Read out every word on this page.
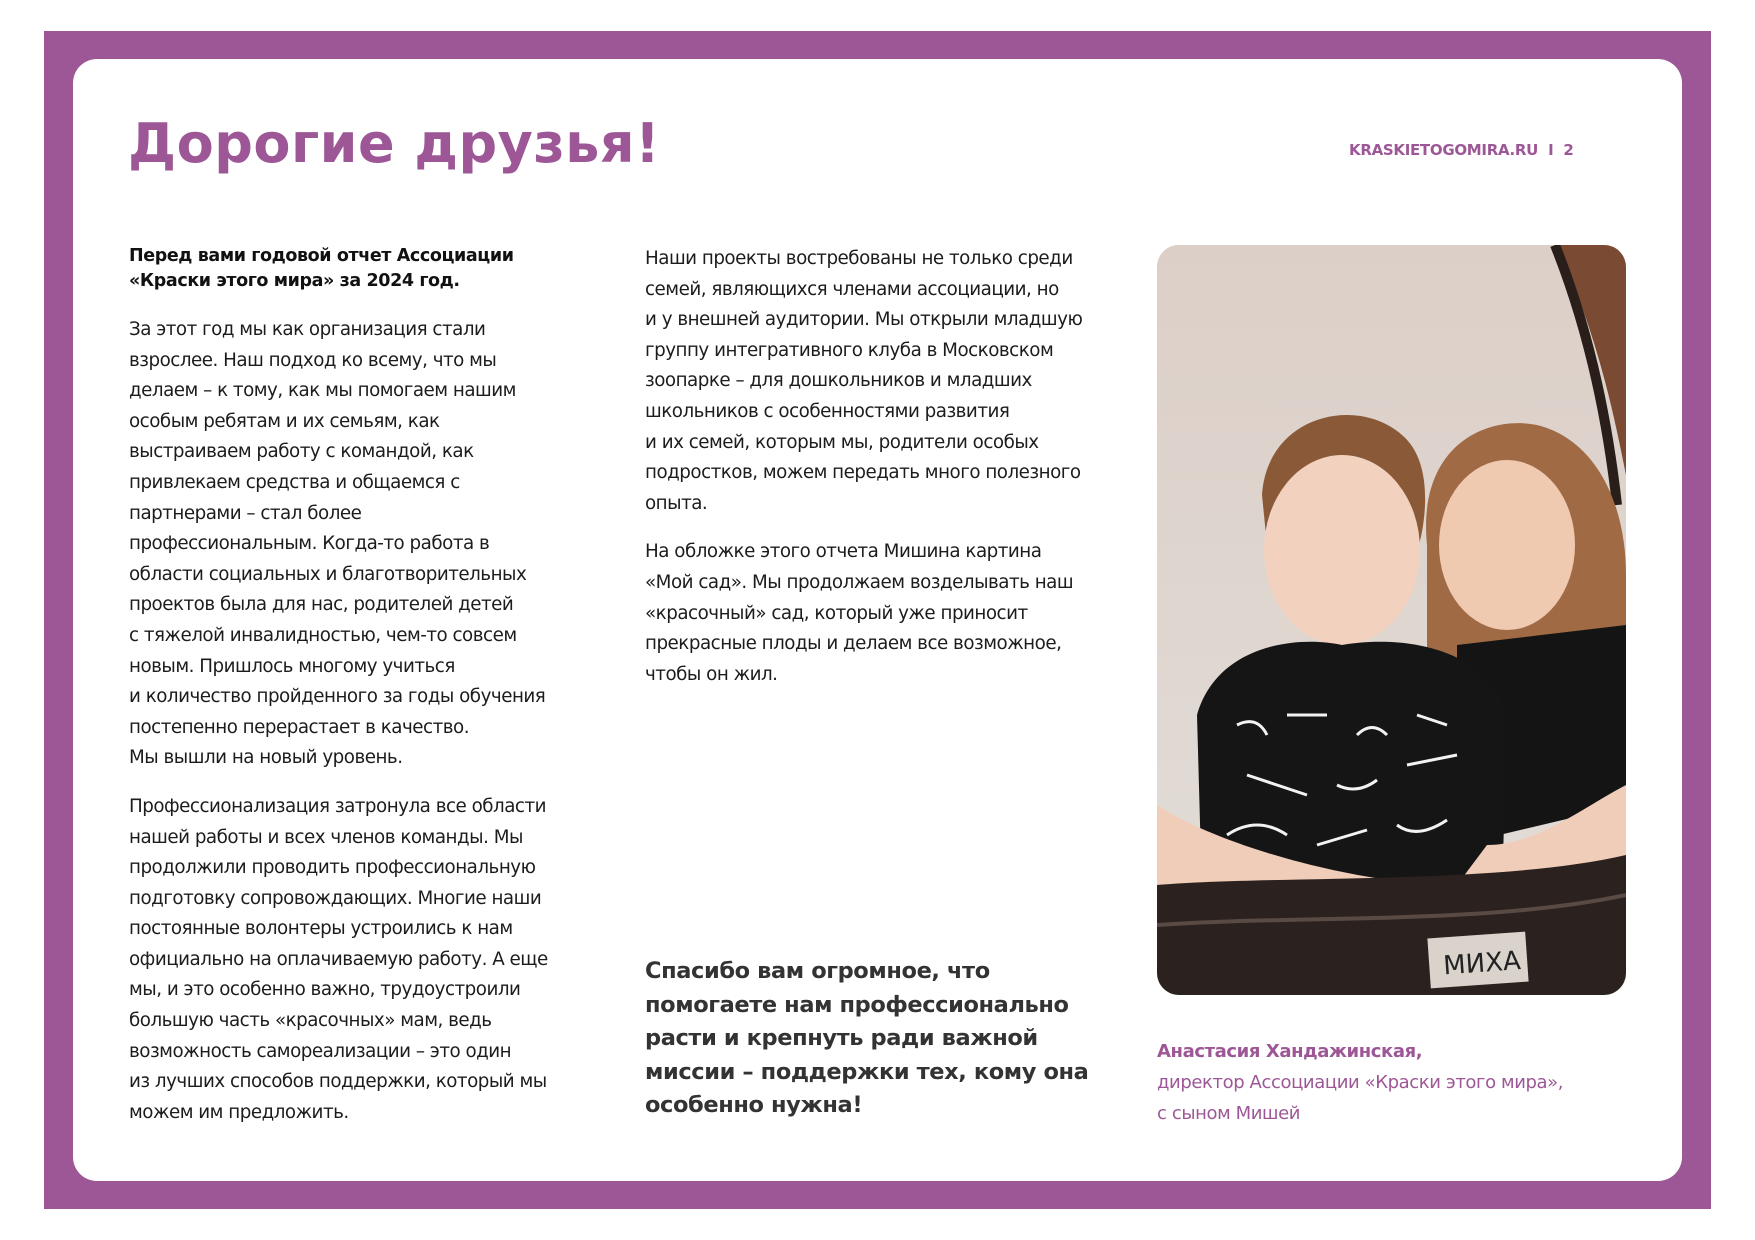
Дорогие друзья!	KRASKIETOGOMIRA.RU I 2

Перед вами годовой отчет Ассоциации
«Краски этого мира» за 2024 год.

За этот год мы как организация стали
взрослее. Наш подход ко всему, что мы
делаем – к тому, как мы помогаем нашим
особым ребятам и их семьям, как
выстраиваем работу с командой, как
привлекаем средства и общаемся с
партнерами – стал более
профессиональным. Когда-то работа в
области социальных и благотворительных
проектов была для нас, родителей детей
с тяжелой инвалидностью, чем-то совсем
новым. Пришлось многому учиться
и количество пройденного за годы обучения
постепенно перерастает в качество.
Мы вышли на новый уровень.

Профессионализация затронула все области
нашей работы и всех членов команды. Мы
продолжили проводить профессиональную
подготовку сопровождающих. Многие наши
постоянные волонтеры устроились к нам
официально на оплачиваемую работу. А еще
мы, и это особенно важно, трудоустроили
большую часть «красочных» мам, ведь
возможность самореализации – это один
из лучших способов поддержки, который мы
можем им предложить.

Наши проекты востребованы не только среди
семей, являющихся членами ассоциации, но
и у внешней аудитории. Мы открыли младшую
группу интегративного клуба в Московском
зоопарке – для дошкольников и младших
школьников с особенностями развития
и их семей, которым мы, родители особых
подростков, можем передать много полезного
опыта.

На обложке этого отчета Мишина картина
«Мой сад». Мы продолжаем возделывать наш
«красочный» сад, который уже приносит
прекрасные плоды и делаем все возможное,
чтобы он жил.

Спасибо вам огромное, что
помогаете нам профессионально
расти и крепнуть ради важной
миссии – поддержки тех, кому она
особенно нужна!
МИХА
Анастасия Хандажинская,
директор Ассоциации «Краски этого мира»,
с сыном Мишей
